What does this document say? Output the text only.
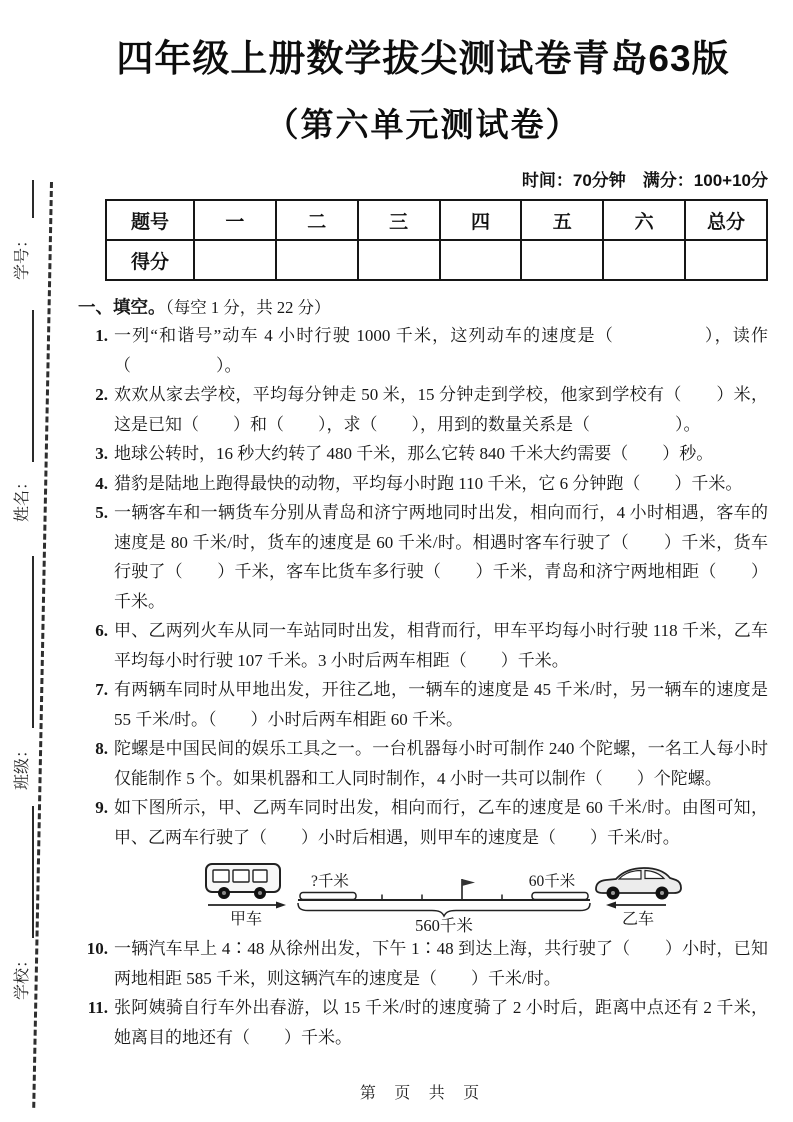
学校：
班级：
姓名：
学号：
四年级上册数学拔尖测试卷青岛63版
（第六单元测试卷）
时间：70分钟　满分：100+10分
题号	一	二	三	四	五	六	总分
得分							
一、填空。（每空 1 分，共 22 分）
1. 一列“和谐号”动车 4 小时行驶 1000 千米，这列动车的速度是（　　　　　），读作（　　　　　）。
2. 欢欢从家去学校，平均每分钟走 50 米，15 分钟走到学校，他家到学校有（　　）米，这是已知（　　）和（　　），求（　　），用到的数量关系是（　　　　　）。
3. 地球公转时，16 秒大约转了 480 千米，那么它转 840 千米大约需要（　　）秒。
4. 猎豹是陆地上跑得最快的动物，平均每小时跑 110 千米，它 6 分钟跑（　　）千米。
5. 一辆客车和一辆货车分别从青岛和济宁两地同时出发，相向而行，4 小时相遇，客车的速度是 80 千米/时，货车的速度是 60 千米/时。相遇时客车行驶了（　　）千米，货车行驶了（　　）千米，客车比货车多行驶（　　）千米，青岛和济宁两地相距（　　）千米。
6. 甲、乙两列火车从同一车站同时出发，相背而行，甲车平均每小时行驶 118 千米，乙车平均每小时行驶 107 千米。3 小时后两车相距（　　）千米。
7. 有两辆车同时从甲地出发，开往乙地，一辆车的速度是 45 千米/时，另一辆车的速度是 55 千米/时。（　　）小时后两车相距 60 千米。
8. 陀螺是中国民间的娱乐工具之一。一台机器每小时可制作 240 个陀螺，一名工人每小时仅能制作 5 个。如果机器和工人同时制作，4 小时一共可以制作（　　）个陀螺。
9. 如下图所示，甲、乙两车同时出发，相向而行，乙车的速度是 60 千米/时。由图可知，甲、乙两车行驶了（　　）小时后相遇，则甲车的速度是（　　）千米/时。
甲车
?千米	60千米
560千米	乙车
10. 一辆汽车早上 4∶48 从徐州出发，下午 1∶48 到达上海，共行驶了（　　）小时，已知两地相距 585 千米，则这辆汽车的速度是（　　）千米/时。
11. 张阿姨骑自行车外出春游，以 15 千米/时的速度骑了 2 小时后，距离中点还有 2 千米，她离目的地还有（　　）千米。
第 页 共 页
